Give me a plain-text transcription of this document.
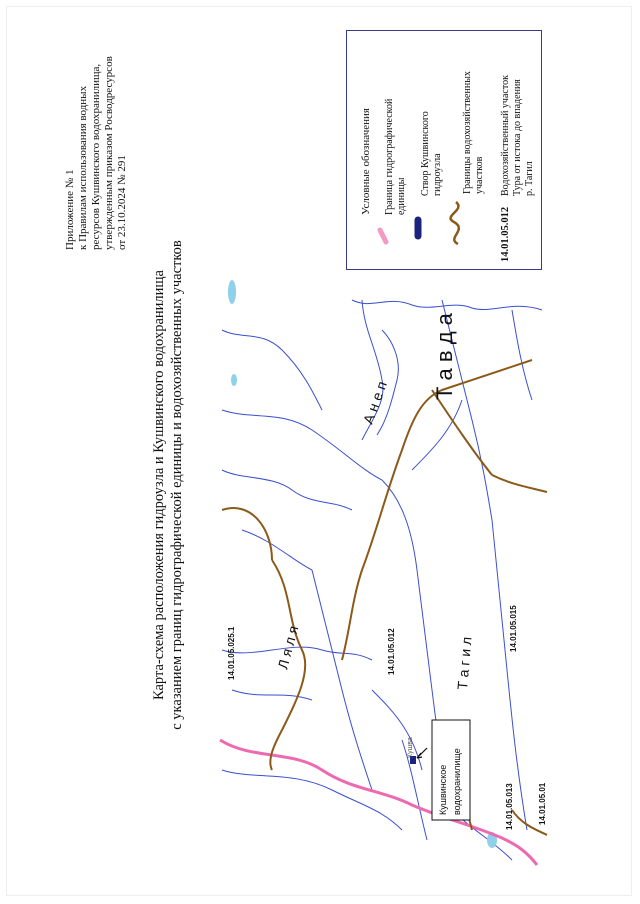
Приложение № 1 к Правилам использования водных ресурсов Кушвинского водохранилища, утвержденным приказом Росводресурсов от 23.10.2024 № 291
Карта-схема расположения гидроузла и Кушвинского водохранилища с указанием границ гидрографической единицы и водохозяйственных участков
Условные обозначения Граница гидрографической единицы
Створ Кушвинского гидроузла Границы водохозяйственных участков
14.01.05.012
Водохозяйственный участок Тура от истока до впадения р. Тагил
Кушва
Т а в д а
А н е п
Л я л я	Т а г и л
14.01.05.025.1	14.01.05.012	14.01.05.015
14.01.05.013	14.01.05.01
Кушвинское водохранилище
